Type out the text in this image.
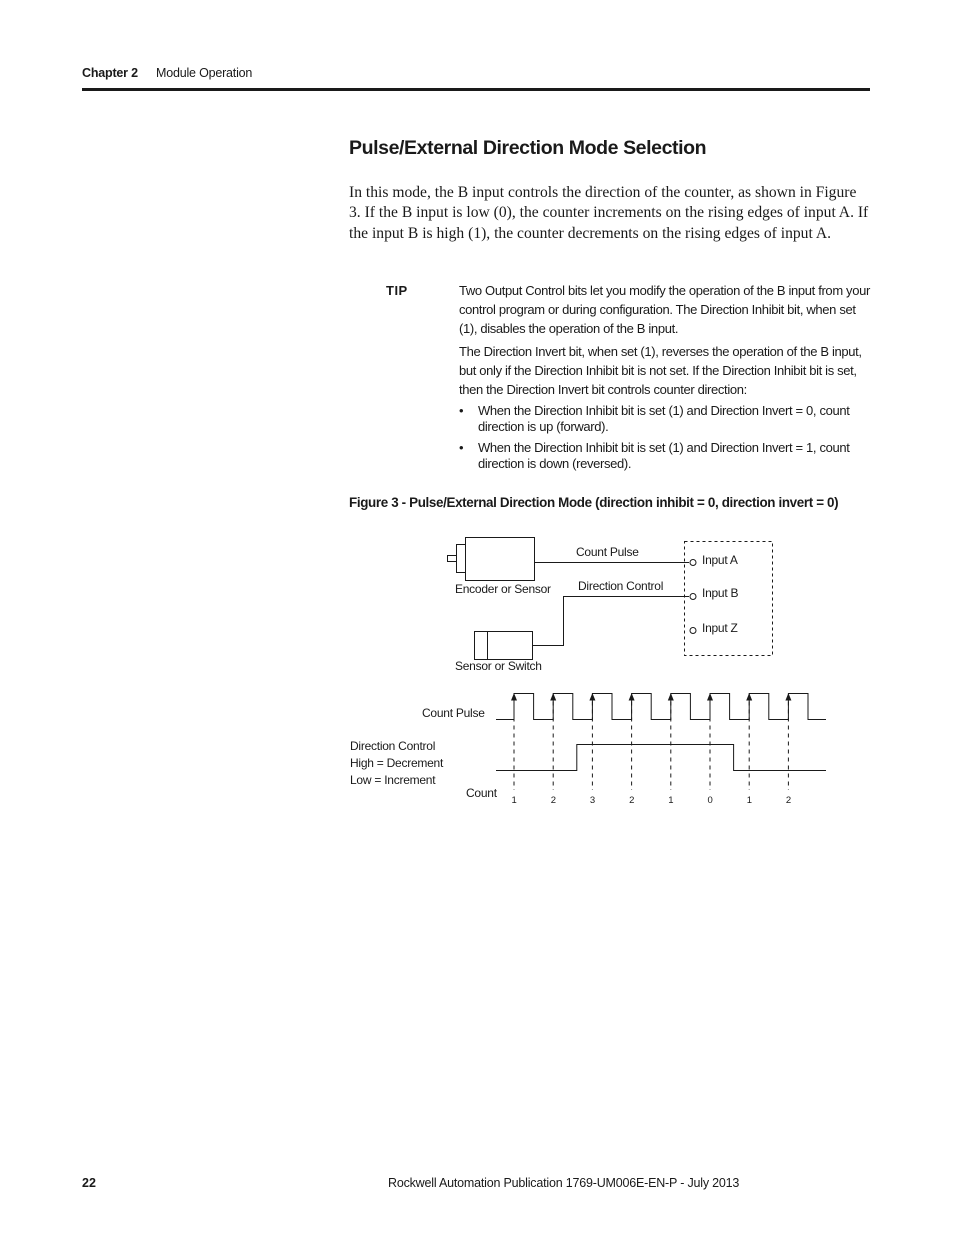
Chapter 2 Module Operation
Pulse/External Direction Mode Selection

In this mode, the B input controls the direction of the counter, as shown in Figure 3. If the B input is low (0), the counter increments on the rising edges of input A. If the input B is high (1), the counter decrements on the rising edges of input A.

TIP	Two Output Control bits let you modify the operation of the B input from your control program or during configuration. The Direction Inhibit bit, when set (1), disables the operation of the B input.

The Direction Invert bit, when set (1), reverses the operation of the B input, but only if the Direction Inhibit bit is not set. If the Direction Inhibit bit is set, then the Direction Invert bit controls counter direction:

• When the Direction Inhibit bit is set (1) and Direction Invert = 0, count direction is up (forward).
• When the Direction Inhibit bit is set (1) and Direction Invert = 1, count direction is down (reversed).
Figure 3 - Pulse/External Direction Mode (direction inhibit = 0, direction invert = 0)
1	2	3	2	1	0	1	2
Count Pulse
Direction Control
Encoder or Sensor
Sensor or Switch
Input A
Input B
Input Z
Count Pulse
Direction Control
High = Decrement
Low = Increment
Count
22	Rockwell Automation Publication 1769-UM006E-EN-P - July 2013
